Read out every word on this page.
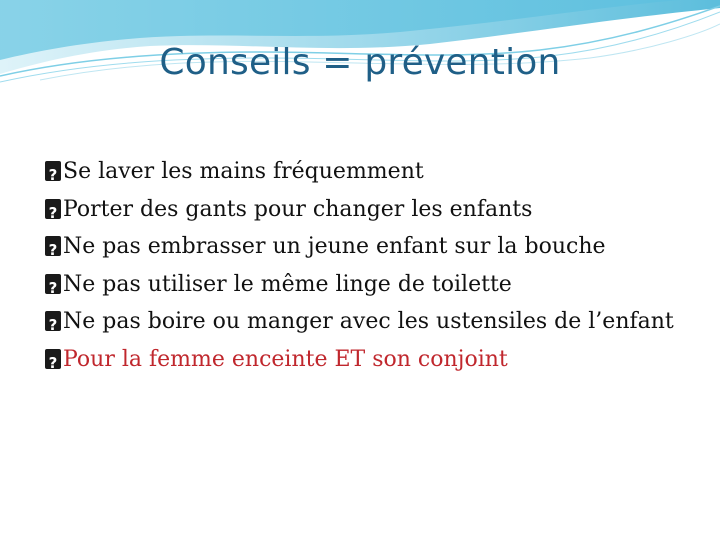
Conseils = prévention
?Se laver les mains fréquemment
?Porter des gants pour changer les enfants
?Ne pas embrasser un jeune enfant sur la bouche
?Ne pas utiliser le même linge de toilette
?Ne pas boire ou manger avec les ustensiles de l’enfant
?Pour la femme enceinte ET son conjoint
